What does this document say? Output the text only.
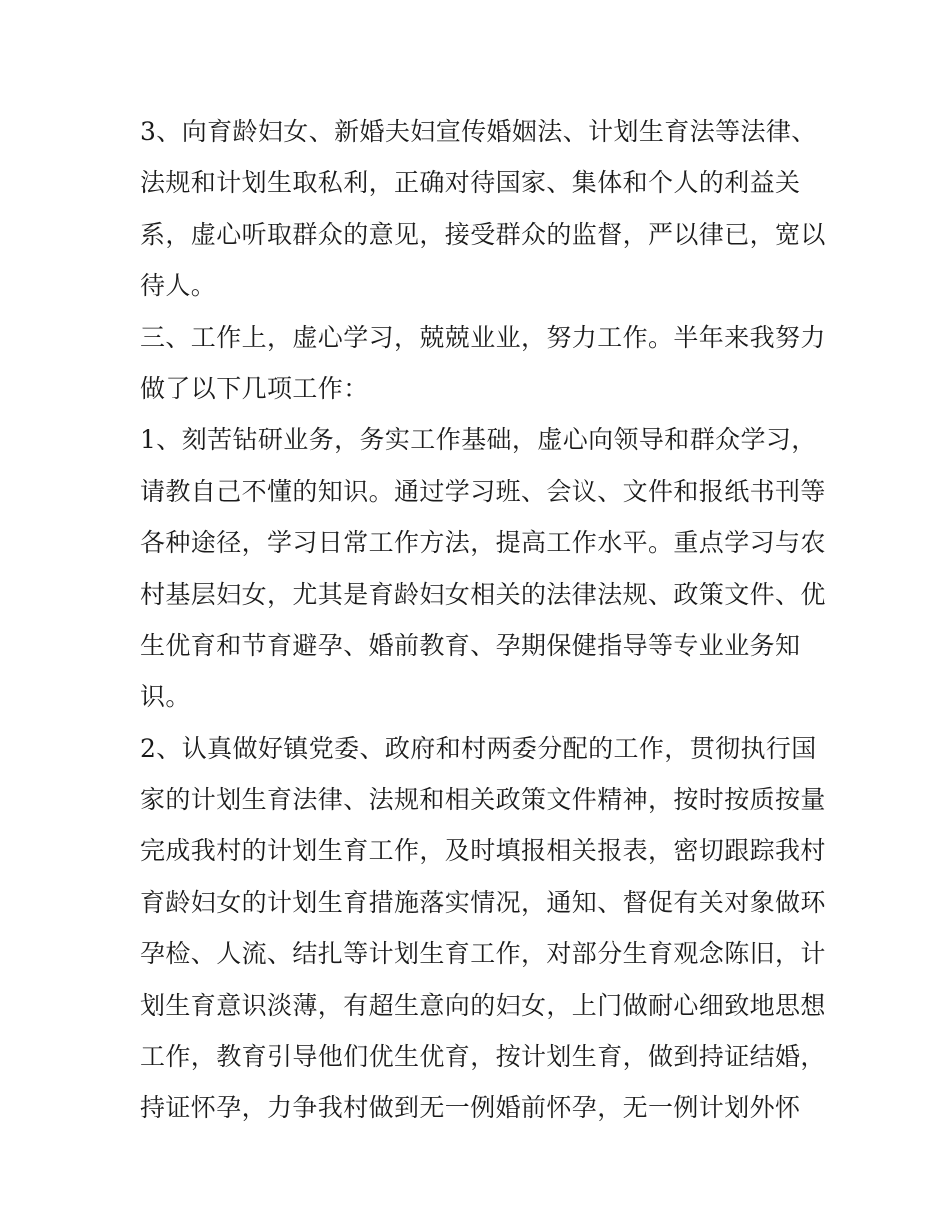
3、向育龄妇女、新婚夫妇宣传婚姻法、计划生育法等法律、
法规和计划生取私利，正确对待国家、集体和个人的利益关
系，虚心听取群众的意见，接受群众的监督，严以律已，宽以
待人。
三、工作上，虚心学习，兢兢业业，努力工作。半年来我努力
做了以下几项工作：
1、刻苦钻研业务，务实工作基础，虚心向领导和群众学习，
请教自己不懂的知识。通过学习班、会议、文件和报纸书刊等
各种途径，学习日常工作方法，提高工作水平。重点学习与农
村基层妇女，尤其是育龄妇女相关的法律法规、政策文件、优
生优育和节育避孕、婚前教育、孕期保健指导等专业业务知
识。
2、认真做好镇党委、政府和村两委分配的工作，贯彻执行国
家的计划生育法律、法规和相关政策文件精神，按时按质按量
完成我村的计划生育工作，及时填报相关报表，密切跟踪我村
育龄妇女的计划生育措施落实情况，通知、督促有关对象做环
孕检、人流、结扎等计划生育工作，对部分生育观念陈旧，计
划生育意识淡薄，有超生意向的妇女，上门做耐心细致地思想
工作，教育引导他们优生优育，按计划生育，做到持证结婚，
持证怀孕，力争我村做到无一例婚前怀孕，无一例计划外怀
